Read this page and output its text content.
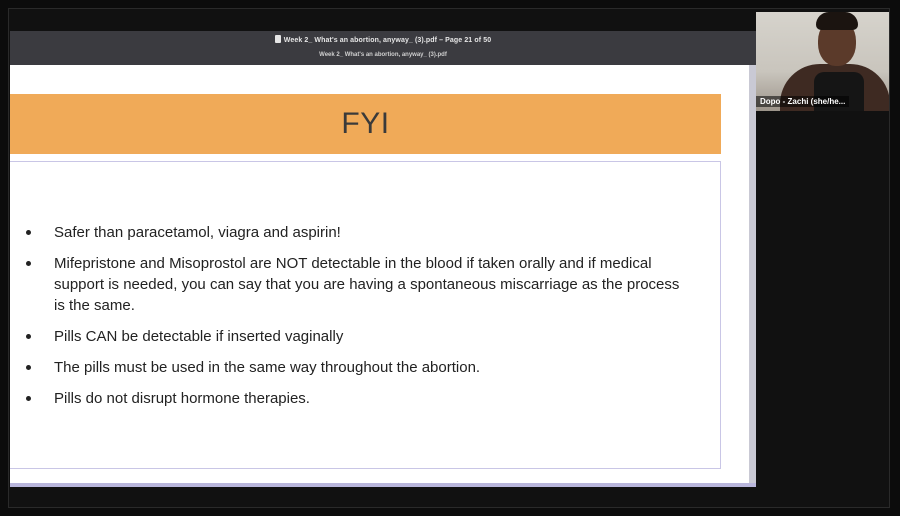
Week 2_ What's an abortion, anyway_ (3).pdf – Page 21 of 50
Week 2_ What's an abortion, anyway_ (3).pdf
FYI
Safer than paracetamol, viagra and aspirin!
Mifepristone and Misoprostol are NOT detectable in the blood if taken orally and if medical support is needed, you can say that you are having a spontaneous miscarriage as the process is the same.
Pills CAN be detectable if inserted vaginally
The pills must be used in the same way throughout the abortion.
Pills do not disrupt hormone therapies.
Dopo - Zachi (she/he...
